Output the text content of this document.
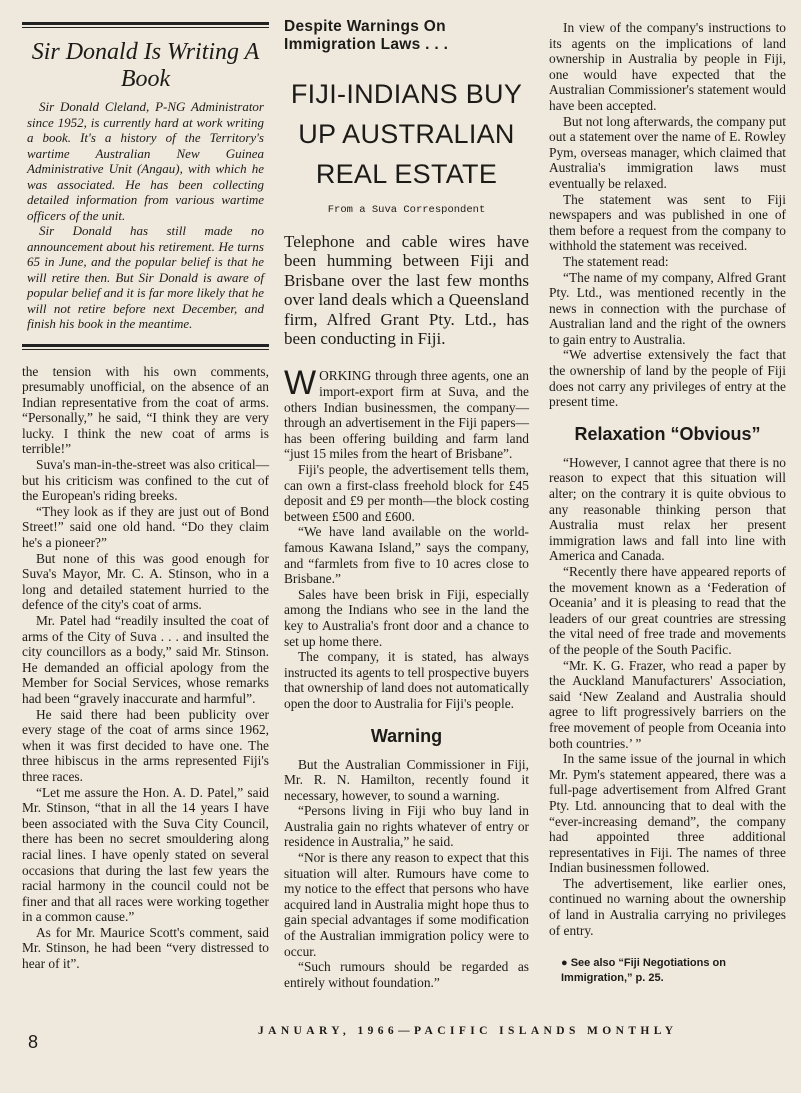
Sir Donald Is Writing A Book

Sir Donald Cleland, P-NG Administrator since 1952, is currently hard at work writing a book. It's a history of the Territory's wartime Australian New Guinea Administrative Unit (Angau), with which he was associated. He has been collecting detailed information from various wartime officers of the unit.

Sir Donald has still made no announcement about his retirement. He turns 65 in June, and the popular belief is that he will retire then. But Sir Donald is aware of popular belief and it is far more likely that he will not retire before next December, and finish his book in the meantime.

the tension with his own comments, presumably unofficial, on the absence of an Indian representative from the coat of arms. “Personally,” he said, “I think they are very lucky. I think the new coat of arms is terrible!”

Suva's man-in-the-street was also critical—but his criticism was confined to the cut of the European's riding breeks.

“They look as if they are just out of Bond Street!” said one old hand. “Do they claim he's a pioneer?”

But none of this was good enough for Suva's Mayor, Mr. C. A. Stinson, who in a long and detailed statement hurried to the defence of the city's coat of arms.

Mr. Patel had “readily insulted the coat of arms of the City of Suva . . . and insulted the city councillors as a body,” said Mr. Stinson. He demanded an official apology from the Member for Social Services, whose remarks had been “gravely inaccurate and harmful”.

He said there had been publicity over every stage of the coat of arms since 1962, when it was first decided to have one. The three hibiscus in the arms represented Fiji's three races.

“Let me assure the Hon. A. D. Patel,” said Mr. Stinson, “that in all the 14 years I have been associated with the Suva City Council, there has been no secret smouldering along racial lines. I have openly stated on several occasions that during the last few years the racial harmony in the council could not be finer and that all races were working together in a common cause.”

As for Mr. Maurice Scott's comment, said Mr. Stinson, he had been “very distressed to hear of it”.

Despite Warnings On Immigration Laws . . .
FIJI-INDIANS BUY
UP AUSTRALIAN
REAL ESTATE
From a Suva Correspondent

Telephone and cable wires have been humming between Fiji and Brisbane over the last few months over land deals which a Queensland firm, Alfred Grant Pty. Ltd., has been conducting in Fiji.

WORKING through three agents, one an import-export firm at Suva, and the others Indian businessmen, the company—through an advertisement in the Fiji papers—has been offering building and farm land “just 15 miles from the heart of Brisbane”.

Fiji's people, the advertisement tells them, can own a first-class freehold block for £45 deposit and £9 per month—the block costing between £500 and £600.

“We have land available on the world-famous Kawana Island,” says the company, and “farmlets from five to 10 acres close to Brisbane.”

Sales have been brisk in Fiji, especially among the Indians who see in the land the key to Australia's front door and a chance to set up home there.

The company, it is stated, has always instructed its agents to tell prospective buyers that ownership of land does not automatically open the door to Australia for Fiji's people.

Warning

But the Australian Commissioner in Fiji, Mr. R. N. Hamilton, recently found it necessary, however, to sound a warning.

“Persons living in Fiji who buy land in Australia gain no rights whatever of entry or residence in Australia,” he said.

“Nor is there any reason to expect that this situation will alter. Rumours have come to my notice to the effect that persons who have acquired land in Australia might hope thus to gain special advantages if some modification of the Australian immigration policy were to occur.

“Such rumours should be regarded as entirely without foundation.”

In view of the company's instructions to its agents on the implications of land ownership in Australia by people in Fiji, one would have expected that the Australian Commissioner's statement would have been accepted.

But not long afterwards, the company put out a statement over the name of E. Rowley Pym, overseas manager, which claimed that Australia's immigration laws must eventually be relaxed.

The statement was sent to Fiji newspapers and was published in one of them before a request from the company to withhold the statement was received.

The statement read:

“The name of my company, Alfred Grant Pty. Ltd., was mentioned recently in the news in connection with the purchase of Australian land and the right of the owners to gain entry to Australia.

“We advertise extensively the fact that the ownership of land by the people of Fiji does not carry any privileges of entry at the present time.

Relaxation “Obvious”

“However, I cannot agree that there is no reason to expect that this situation will alter; on the contrary it is quite obvious to any reasonable thinking person that Australia must relax her present immigration laws and fall into line with America and Canada.

“Recently there have appeared reports of the movement known as a ‘Federation of Oceania’ and it is pleasing to read that the leaders of our great countries are stressing the vital need of free trade and movements of the people of the South Pacific.

“Mr. K. G. Frazer, who read a paper by the Auckland Manufacturers' Association, said ‘New Zealand and Australia should agree to lift progressively barriers on the free movement of people from Oceania into both countries.’ ”

In the same issue of the journal in which Mr. Pym's statement appeared, there was a full-page advertisement from Alfred Grant Pty. Ltd. announcing that to deal with the “ever-increasing demand”, the company had appointed three additional representatives in Fiji. The names of three Indian businessmen followed.

The advertisement, like earlier ones, continued no warning about the ownership of land in Australia carrying no privileges of entry.

● See also “Fiji Negotiations on Immigration,” p. 25.
8
JANUARY, 1966—PACIFIC ISLANDS MONTHLY
